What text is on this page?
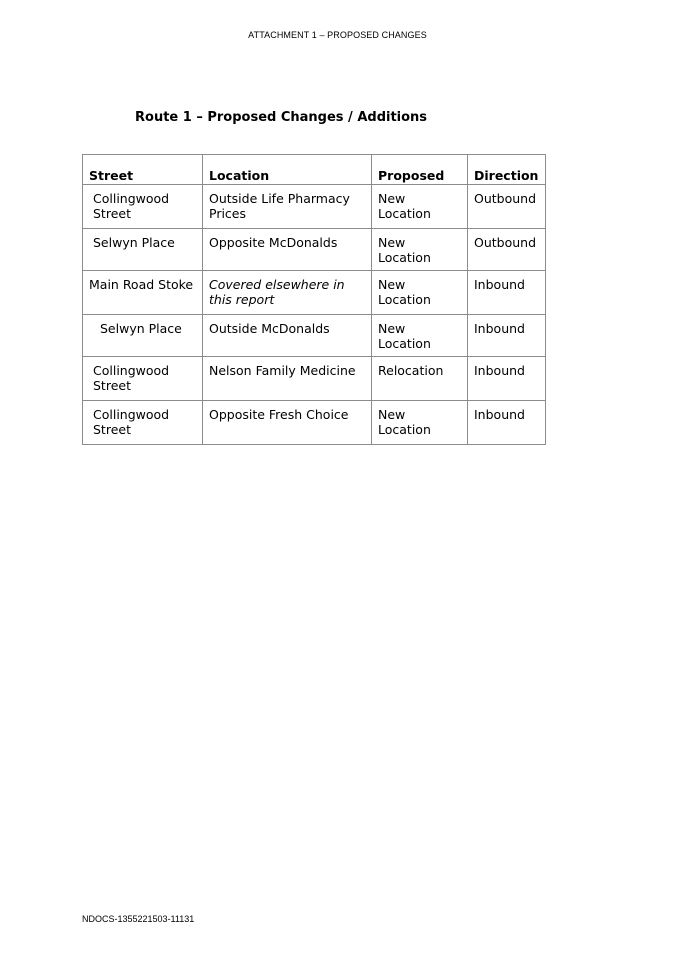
ATTACHMENT 1 – PROPOSED CHANGES
Route 1 – Proposed Changes / Additions
Street	Location	Proposed	Direction
Collingwood Street	Outside Life Pharmacy Prices	New Location	Outbound
Selwyn Place	Opposite McDonalds	New Location	Outbound
Main Road Stoke	Covered elsewhere in this report	New Location	Inbound
Selwyn Place	Outside McDonalds	New Location	Inbound
Collingwood Street	Nelson Family Medicine	Relocation	Inbound
Collingwood Street	Opposite Fresh Choice	New Location	Inbound
NDOCS-1355221503-11131
